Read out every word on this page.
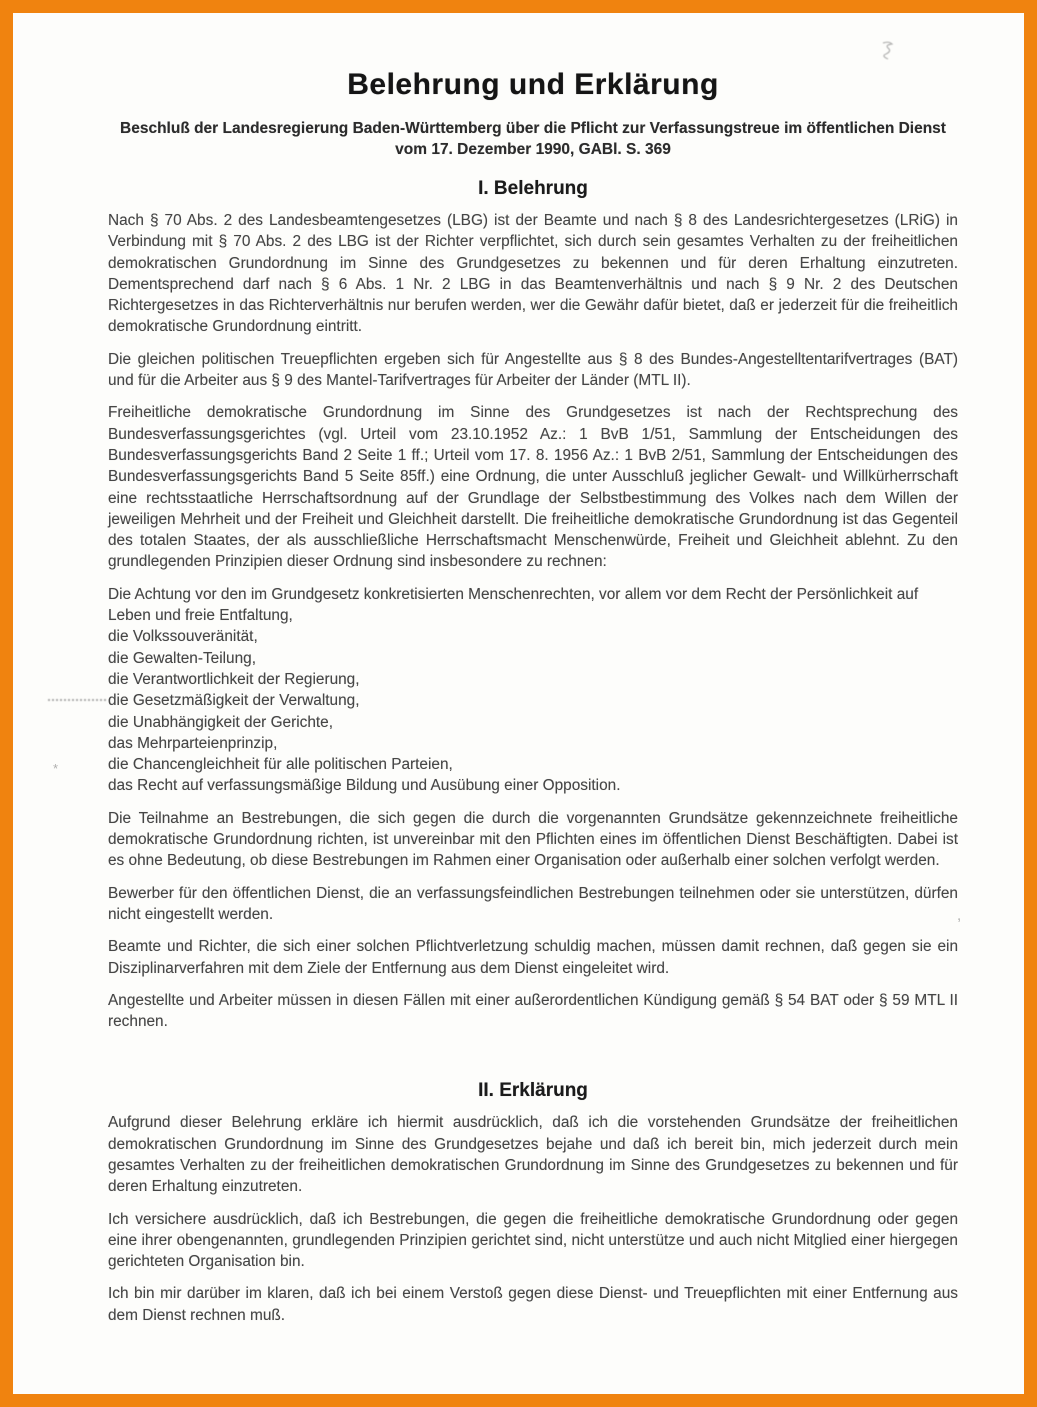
*
,
Belehrung und Erklärung

Beschluß der Landesregierung Baden-Württemberg über die Pflicht zur Verfassungstreue im öffentlichen Dienst

vom 17. Dezember 1990, GABl. S. 369

I. Belehrung

Nach § 70 Abs. 2 des Landesbeamtengesetzes (LBG) ist der Beamte und nach § 8 des Landesrichtergesetzes (LRiG) in Verbindung mit § 70 Abs. 2 des LBG ist der Richter verpflichtet, sich durch sein gesamtes Verhalten zu der freiheitlichen demokratischen Grundordnung im Sinne des Grundgesetzes zu bekennen und für deren Erhaltung einzutreten. Dementsprechend darf nach § 6 Abs. 1 Nr. 2 LBG in das Beamtenverhältnis und nach § 9 Nr. 2 des Deutschen Richtergesetzes in das Richterverhältnis nur berufen werden, wer die Gewähr dafür bietet, daß er jederzeit für die freiheitlich demokratische Grundordnung eintritt.

Die gleichen politischen Treuepflichten ergeben sich für Angestellte aus § 8 des Bundes-Angestelltentarifvertrages (BAT) und für die Arbeiter aus § 9 des Mantel-Tarifvertrages für Arbeiter der Länder (MTL II).

Freiheitliche demokratische Grundordnung im Sinne des Grundgesetzes ist nach der Rechtsprechung des Bundesverfassungsgerichtes (vgl. Urteil vom 23.10.1952 Az.: 1 BvB 1/51, Sammlung der Entscheidungen des Bundesverfassungsgerichts Band 2 Seite 1 ff.; Urteil vom 17. 8. 1956 Az.: 1 BvB 2/51, Sammlung der Entscheidungen des Bundesverfassungsgerichts Band 5 Seite 85ff.) eine Ordnung, die unter Ausschluß jeglicher Gewalt- und Willkürherrschaft eine rechtsstaatliche Herrschaftsordnung auf der Grundlage der Selbstbestimmung des Volkes nach dem Willen der jeweiligen Mehrheit und der Freiheit und Gleichheit darstellt. Die freiheitliche demokratische Grundordnung ist das Gegenteil des totalen Staates, der als ausschließliche Herrschaftsmacht Menschenwürde, Freiheit und Gleichheit ablehnt. Zu den grundlegenden Prinzipien dieser Ordnung sind insbesondere zu rechnen:

Die Achtung vor den im Grundgesetz konkretisierten Menschenrechten, vor allem vor dem Recht der Persönlichkeit auf Leben und freie Entfaltung,
die Volkssouveränität,
die Gewalten-Teilung,
die Verantwortlichkeit der Regierung,
die Gesetzmäßigkeit der Verwaltung,
die Unabhängigkeit der Gerichte,
das Mehrparteienprinzip,
die Chancengleichheit für alle politischen Parteien,
das Recht auf verfassungsmäßige Bildung und Ausübung einer Opposition.

Die Teilnahme an Bestrebungen, die sich gegen die durch die vorgenannten Grundsätze gekennzeichnete freiheitliche demokratische Grundordnung richten, ist unvereinbar mit den Pflichten eines im öffentlichen Dienst Beschäftigten. Dabei ist es ohne Bedeutung, ob diese Bestrebungen im Rahmen einer Organisation oder außerhalb einer solchen verfolgt werden.

Bewerber für den öffentlichen Dienst, die an verfassungsfeindlichen Bestrebungen teilnehmen oder sie unterstützen, dürfen nicht eingestellt werden.

Beamte und Richter, die sich einer solchen Pflichtverletzung schuldig machen, müssen damit rechnen, daß gegen sie ein Disziplinarverfahren mit dem Ziele der Entfernung aus dem Dienst eingeleitet wird.

Angestellte und Arbeiter müssen in diesen Fällen mit einer außerordentlichen Kündigung gemäß § 54 BAT oder § 59 MTL II rechnen.

II. Erklärung

Aufgrund dieser Belehrung erkläre ich hiermit ausdrücklich, daß ich die vorstehenden Grundsätze der freiheitlichen demokratischen Grundordnung im Sinne des Grundgesetzes bejahe und daß ich bereit bin, mich jederzeit durch mein gesamtes Verhalten zu der freiheitlichen demokratischen Grundordnung im Sinne des Grundgesetzes zu bekennen und für deren Erhaltung einzutreten.

Ich versichere ausdrücklich, daß ich Bestrebungen, die gegen die freiheitliche demokratische Grundordnung oder gegen eine ihrer obengenannten, grundlegenden Prinzipien gerichtet sind, nicht unterstütze und auch nicht Mitglied einer hiergegen gerichteten Organisation bin.

Ich bin mir darüber im klaren, daß ich bei einem Verstoß gegen diese Dienst- und Treuepflichten mit einer Entfernung aus dem Dienst rechnen muß.
